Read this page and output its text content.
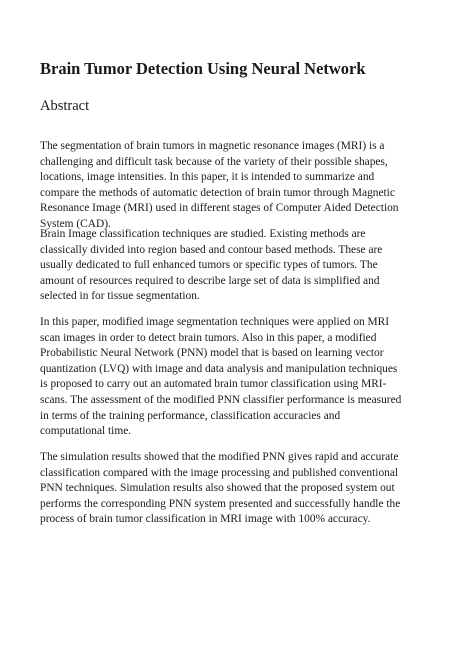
Brain Tumor Detection Using Neural Network
Abstract

The segmentation of brain tumors in magnetic resonance images (MRI) is a
challenging and difficult task because of the variety of their possible shapes,
locations, image intensities. In this paper, it is intended to summarize and
compare the methods of automatic detection of brain tumor through Magnetic
Resonance Image (MRI) used in different stages of Computer Aided Detection
System (CAD).

Brain Image classification techniques are studied. Existing methods are
classically divided into region based and contour based methods. These are
usually dedicated to full enhanced tumors or specific types of tumors. The
amount of resources required to describe large set of data is simplified and
selected in for tissue segmentation.

In this paper, modified image segmentation techniques were applied on MRI
scan images in order to detect brain tumors. Also in this paper, a modified
Probabilistic Neural Network (PNN) model that is based on learning vector
quantization (LVQ) with image and data analysis and manipulation techniques
is proposed to carry out an automated brain tumor classification using MRI-
scans. The assessment of the modified PNN classifier performance is measured
in terms of the training performance, classification accuracies and
computational time.

The simulation results showed that the modified PNN gives rapid and accurate
classification compared with the image processing and published conventional
PNN techniques. Simulation results also showed that the proposed system out
performs the corresponding PNN system presented and successfully handle the
process of brain tumor classification in MRI image with 100% accuracy.
